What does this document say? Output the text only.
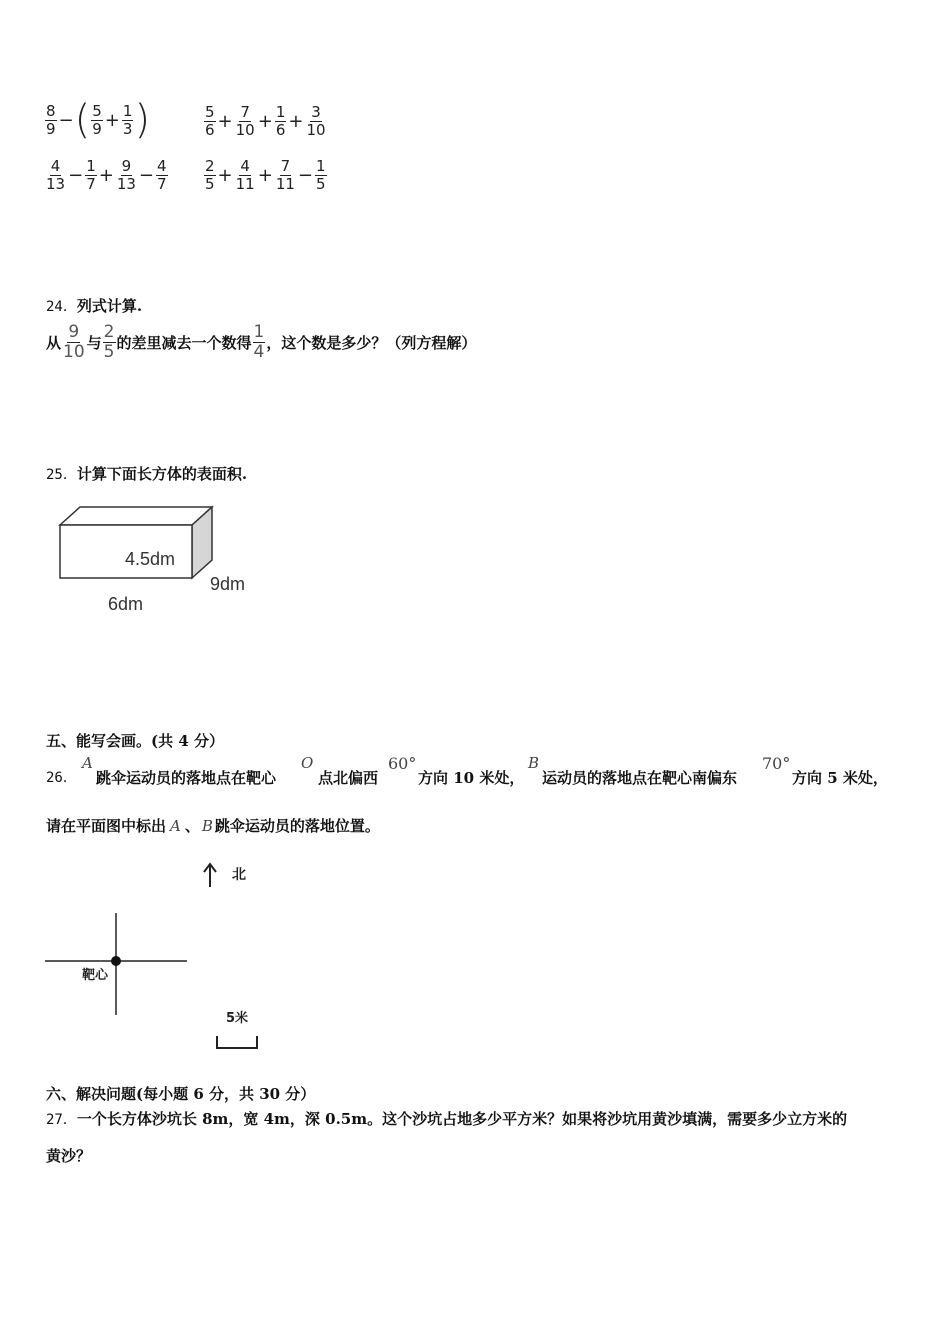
$\frac{8}{9}$ − ( $\frac{5}{9} + \frac{1}{3}$ )	$\frac{5}{6} + \frac{7}{10} + \frac{1}{6} + \frac{3}{10}$
$\frac{4}{13} - \frac{1}{7} + \frac{9}{13} - \frac{4}{7} \frac{2}{5} + \frac{4}{11} + \frac{7}{11} - \frac{1}{5}$
24．列式计算.
从 $\frac{9}{10}$ 与 $\frac{2}{5}$ 的差里减去一个数得 $\frac{1}{4}$ ，这个数是多少？（列方程解）
25．计算下面长方体的表面积.
4.5dm
6dm
9dm
五、能写会画。(共 4 分）
26．
A
跳伞运动员的落地点在靶心
O
点北偏西
60°
方向 10 米处，
B
运动员的落地点在靶心南偏东
70°
方向 5 米处，
请在平面图中标出 A 、 B 跳伞运动员的落地位置。
北
靶心
5米
六、解决问题(每小题 6 分，共 30 分）
27．一个长方体沙坑长 8m，宽 4m，深 0.5m。这个沙坑占地多少平方米？如果将沙坑用黄沙填满，需要多少立方米的
黄沙？
